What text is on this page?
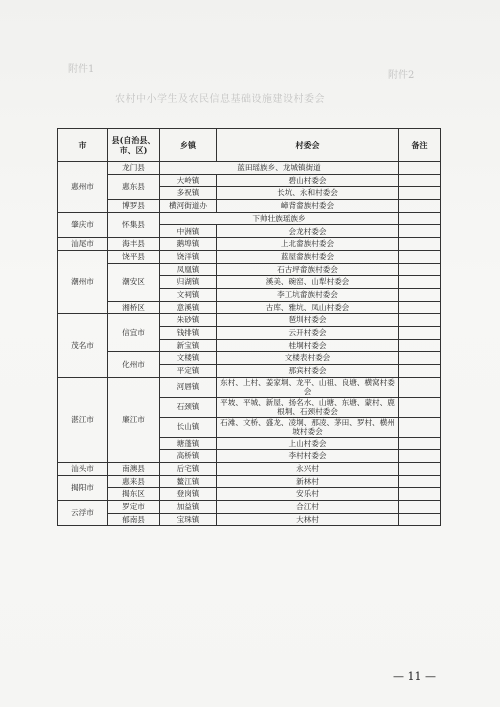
附件1
附件2
农村中小学生及农民信息基础设施建设村委会
市	县(自治县、市、区)	乡镇	村委会	备注
惠州市	龙门县	蓝田瑶族乡、龙城镇街道		
	惠东县	大岭镇	碧山村委会	
		多祝镇	长坑、永和村委会	
	博罗县	横河街道办	嶂背畲族村委会	
肇庆市	怀集县	下帅壮族瑶族乡		
		中洲镇	会龙村委会	
汕尾市	海丰县	鹅埠镇	上北畲族村委会	
潮州市	饶平县	饶洋镇	蓝屋畲族村委会	
	潮安区	凤凰镇	石古坪畲族村委会	
		归湖镇	溪美、碗窑、山犁村委会	
		文祠镇	李工坑畲族村委会	
	湘桥区	意溪镇	古库、雅坑、凤山村委会	
茂名市	信宜市	朱砂镇	琶圳村委会	
		钱排镇	云开村委会	
		新宝镇	桂垌村委会	
	化州市	文楼镇	文楼表村委会	
		平定镇	那宾村委会	
湛江市	廉江市	河唇镇	东村、上村、姜家垌、龙平、山祖、良塘、横窝村委会	
		石颈镇	平坡、平城、新屋、扬名水、山塘、东塘、蒙村、鹿根垌、石颈村委会	
		长山镇	石滩、文桥、盛龙、凌垌、那凌、茅田、罗村、横州坡村委会	
		塘蓬镇	上山村委会	
		高桥镇	李村村委会	
汕头市	南澳县	后宅镇	永兴村	
揭阳市	惠来县	鳌江镇	新林村	
	揭东区	登岗镇	安乐村	
云浮市	罗定市	加益镇	合江村	
	郁南县	宝珠镇	大林村	
— 11 —
